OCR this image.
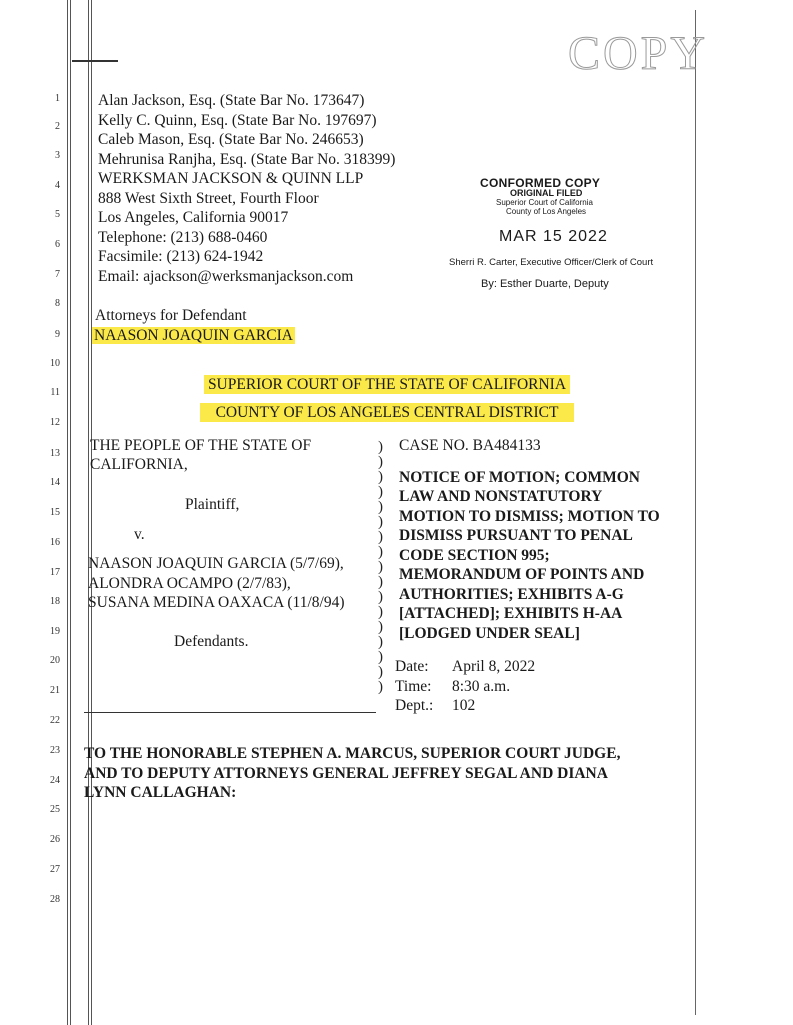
COPY
1
2
3
4
5
6
7
8
9
10
11
12
13
14
15
16
17
18
19
20
21
22
23
24
25
26
27
28
Alan Jackson, Esq. (State Bar No. 173647)
Kelly C. Quinn, Esq. (State Bar No. 197697)
Caleb Mason, Esq. (State Bar No. 246653)
Mehrunisa Ranjha, Esq. (State Bar No. 318399)
WERKSMAN JACKSON & QUINN LLP
888 West Sixth Street, Fourth Floor
Los Angeles, California 90017
Telephone: (213) 688-0460
Facsimile: (213) 624-1942
Email: ajackson@werksmanjackson.com
Attorneys for Defendant
NAASON JOAQUIN GARCIA
CONFORMED COPY
ORIGINAL FILED
Superior Court of California
County of Los Angeles
MAR 15 2022
Sherri R. Carter, Executive Officer/Clerk of Court
By: Esther Duarte, Deputy
SUPERIOR COURT OF THE STATE OF CALIFORNIA
COUNTY OF LOS ANGELES CENTRAL DISTRICT
THE PEOPLE OF THE STATE OF
CALIFORNIA,
Plaintiff,
v.
NAASON JOAQUIN GARCIA (5/7/69),
ALONDRA OCAMPO (2/7/83),
SUSANA MEDINA OAXACA (11/8/94)
Defendants.
)
)
)
)
)
)
)
)
)
)
)
)
)
)
)
)
)
CASE NO. BA484133
NOTICE OF MOTION; COMMON
LAW AND NONSTATUTORY
MOTION TO DISMISS; MOTION TO
DISMISS PURSUANT TO PENAL
CODE SECTION 995;
MEMORANDUM OF POINTS AND
AUTHORITIES; EXHIBITS A-G
[ATTACHED]; EXHIBITS H-AA
[LODGED UNDER SEAL]
Date: April 8, 2022
Time: 8:30 a.m.
Dept.: 102
TO THE HONORABLE STEPHEN A. MARCUS, SUPERIOR COURT JUDGE,
AND TO DEPUTY ATTORNEYS GENERAL JEFFREY SEGAL AND DIANA
LYNN CALLAGHAN:
